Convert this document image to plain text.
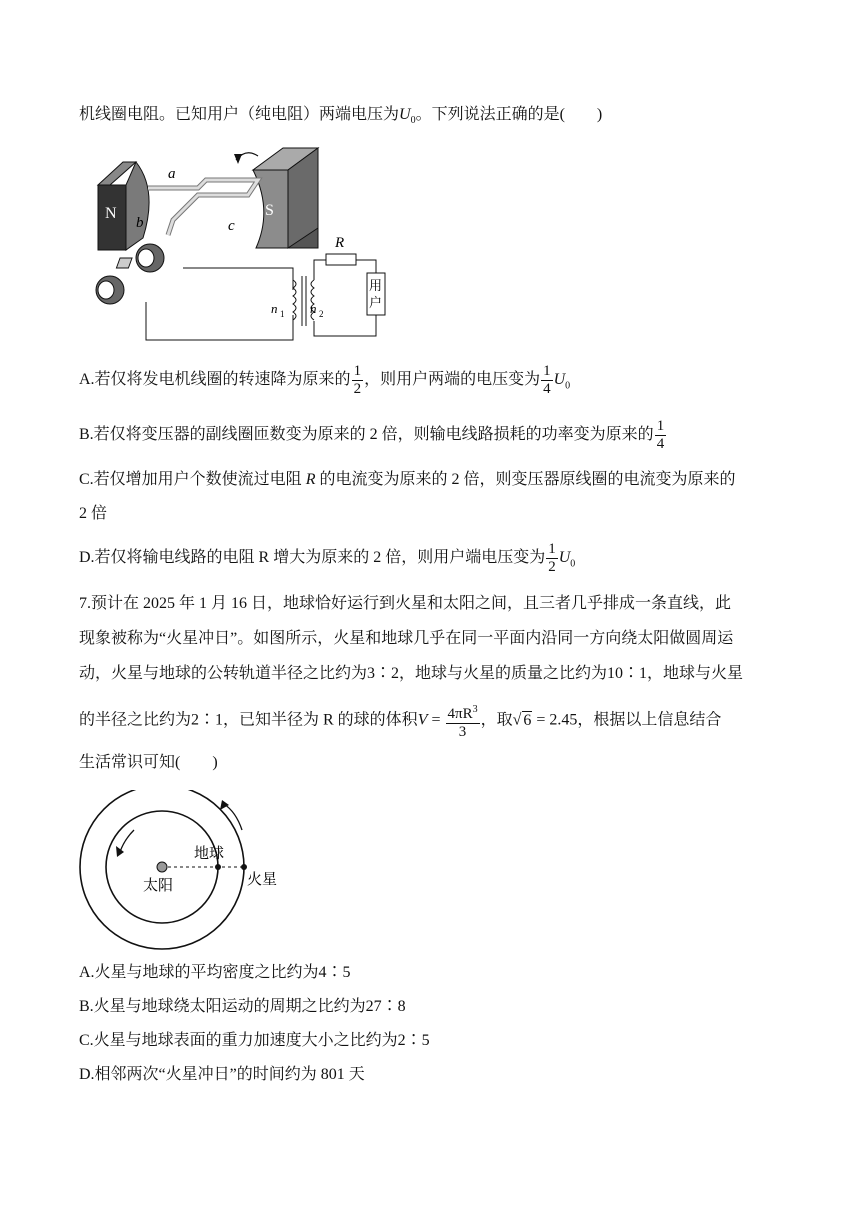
机线圈电阻。已知用户（纯电阻）两端电压为$U_0$。下列说法正确的是(　　)
N
b
S
a
c
n 1 n 2
R
用
户
A.若仅将发电机线圈的转速降为原来的 $\frac{1}{2}$ ，则用户两端的电压变为 $\frac{1}{4} U_0$
B.若仅将变压器的副线圈匝数变为原来的 2 倍，则输电线路损耗的功率变为原来的 $\frac{1}{4}$
C.若仅增加用户个数使流过电阻 R 的电流变为原来的 2 倍，则变压器原线圈的电流变为原来的
2 倍
D.若仅将输电线路的电阻 R 增大为原来的 2 倍，则用户端电压变为 $\frac{1}{2} U_0$
7.预计在 2025 年 1 月 16 日，地球恰好运行到火星和太阳之间，且三者几乎排成一条直线，此
现象被称为“火星冲日”。如图所示，火星和地球几乎在同一平面内沿同一方向绕太阳做圆周运
动，火星与地球的公转轨道半径之比约为3∶2，地球与火星的质量之比约为10∶1，地球与火星
的半径之比约为2∶1，已知半径为 R 的球的体积$V = \frac{4\pi R^3}{3}$ ，取√ 6 = 2.45，根据以上信息结合
生活常识可知(　　)
地球
太阳	火星
A.火星与地球的平均密度之比约为4∶5
B.火星与地球绕太阳运动的周期之比约为27∶8
C.火星与地球表面的重力加速度大小之比约为2∶5
D.相邻两次“火星冲日”的时间约为 801 天
